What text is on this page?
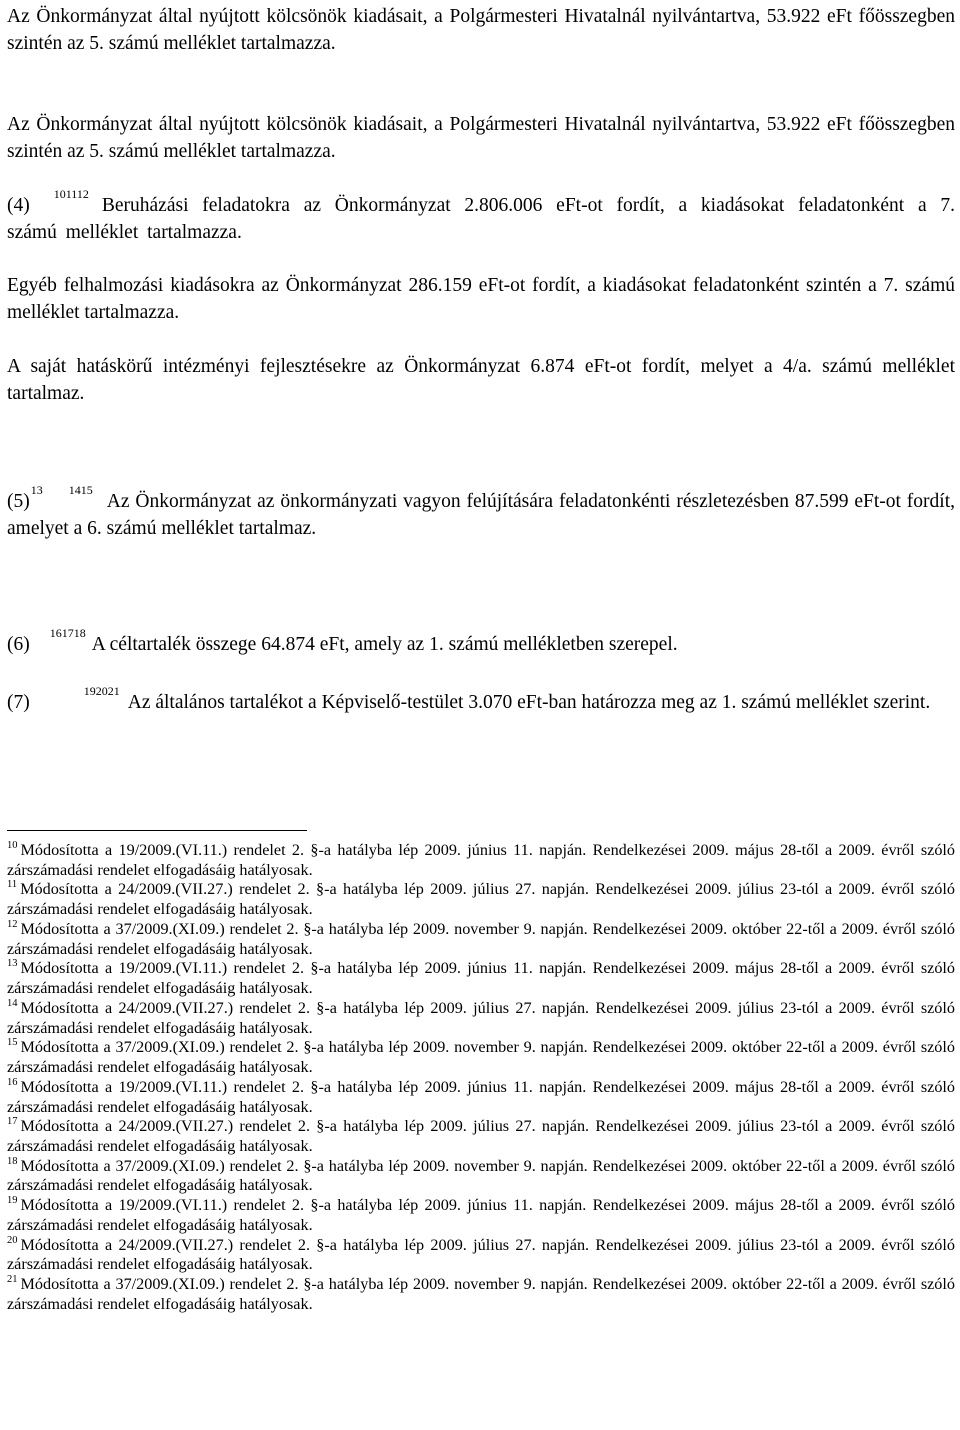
Az Önkormányzat által nyújtott kölcsönök kiadásait, a Polgármesteri Hivatalnál nyilvántartva, 53.922 eFt főösszegben szintén az 5. számú melléklet tartalmazza.

Az Önkormányzat által nyújtott kölcsönök kiadásait, a Polgármesteri Hivatalnál nyilvántartva, 53.922 eFt főösszegben szintén az 5. számú melléklet tartalmazza.

$(4)^{101112}Beruházási$ feladatokra az Önkormányzat 2.806.006 eFt-ot fordít, a kiadásokat feladatonként a 7. számú melléklet tartalmazza.

Egyéb felhalmozási kiadásokra az Önkormányzat 286.159 eFt-ot fordít, a kiadásokat feladatonként szintén a 7. számú melléklet tartalmazza.

A saját hatáskörű intézményi fejlesztésekre az Önkormányzat 6.874 eFt-ot fordít, melyet a 4/a. számú melléklet tartalmaz.

$(5)^{13}$ $^{1415}$Az Önkormányzat az önkormányzati vagyon felújítására feladatonkénti részletezésben 87.599 eFt-ot fordít, amelyet a 6. számú melléklet tartalmaz.

$(6)^{161718}A$ céltartalék összege 64.874 eFt, amely az 1. számú mellékletben szerepel.

$(7)^{192021}Az$ általános tartalékot a Képviselő-testület 3.070 eFt-ban határozza meg az 1. számú melléklet szerint.

$^{10}$ Módosította a 19/2009.(VI.11.) rendelet 2. §-a hatályba lép 2009. június 11. napján. Rendelkezései 2009. május 28-től a 2009. évről szóló zárszámadási rendelet elfogadásáig hatályosak.

$^{11}$ Módosította a 24/2009.(VII.27.) rendelet 2. §-a hatályba lép 2009. július 27. napján. Rendelkezései 2009. július 23-tól a 2009. évről szóló zárszámadási rendelet elfogadásáig hatályosak.

$^{12}$ Módosította a 37/2009.(XI.09.) rendelet 2. §-a hatályba lép 2009. november 9. napján. Rendelkezései 2009. október 22-től a 2009. évről szóló zárszámadási rendelet elfogadásáig hatályosak.

$^{13}$ Módosította a 19/2009.(VI.11.) rendelet 2. §-a hatályba lép 2009. június 11. napján. Rendelkezései 2009. május 28-től a 2009. évről szóló zárszámadási rendelet elfogadásáig hatályosak.

$^{14}$ Módosította a 24/2009.(VII.27.) rendelet 2. §-a hatályba lép 2009. július 27. napján. Rendelkezései 2009. július 23-tól a 2009. évről szóló zárszámadási rendelet elfogadásáig hatályosak.

$^{15}$ Módosította a 37/2009.(XI.09.) rendelet 2. §-a hatályba lép 2009. november 9. napján. Rendelkezései 2009. október 22-től a 2009. évről szóló zárszámadási rendelet elfogadásáig hatályosak.

$^{16}$ Módosította a 19/2009.(VI.11.) rendelet 2. §-a hatályba lép 2009. június 11. napján. Rendelkezései 2009. május 28-től a 2009. évről szóló zárszámadási rendelet elfogadásáig hatályosak.

$^{17}$ Módosította a 24/2009.(VII.27.) rendelet 2. §-a hatályba lép 2009. július 27. napján. Rendelkezései 2009. július 23-tól a 2009. évről szóló zárszámadási rendelet elfogadásáig hatályosak.

$^{18}$ Módosította a 37/2009.(XI.09.) rendelet 2. §-a hatályba lép 2009. november 9. napján. Rendelkezései 2009. október 22-től a 2009. évről szóló zárszámadási rendelet elfogadásáig hatályosak.

$^{19}$ Módosította a 19/2009.(VI.11.) rendelet 2. §-a hatályba lép 2009. június 11. napján. Rendelkezései 2009. május 28-től a 2009. évről szóló zárszámadási rendelet elfogadásáig hatályosak.

$^{20}$ Módosította a 24/2009.(VII.27.) rendelet 2. §-a hatályba lép 2009. július 27. napján. Rendelkezései 2009. július 23-tól a 2009. évről szóló zárszámadási rendelet elfogadásáig hatályosak.

$^{21}$ Módosította a 37/2009.(XI.09.) rendelet 2. §-a hatályba lép 2009. november 9. napján. Rendelkezései 2009. október 22-től a 2009. évről szóló zárszámadási rendelet elfogadásáig hatályosak.
